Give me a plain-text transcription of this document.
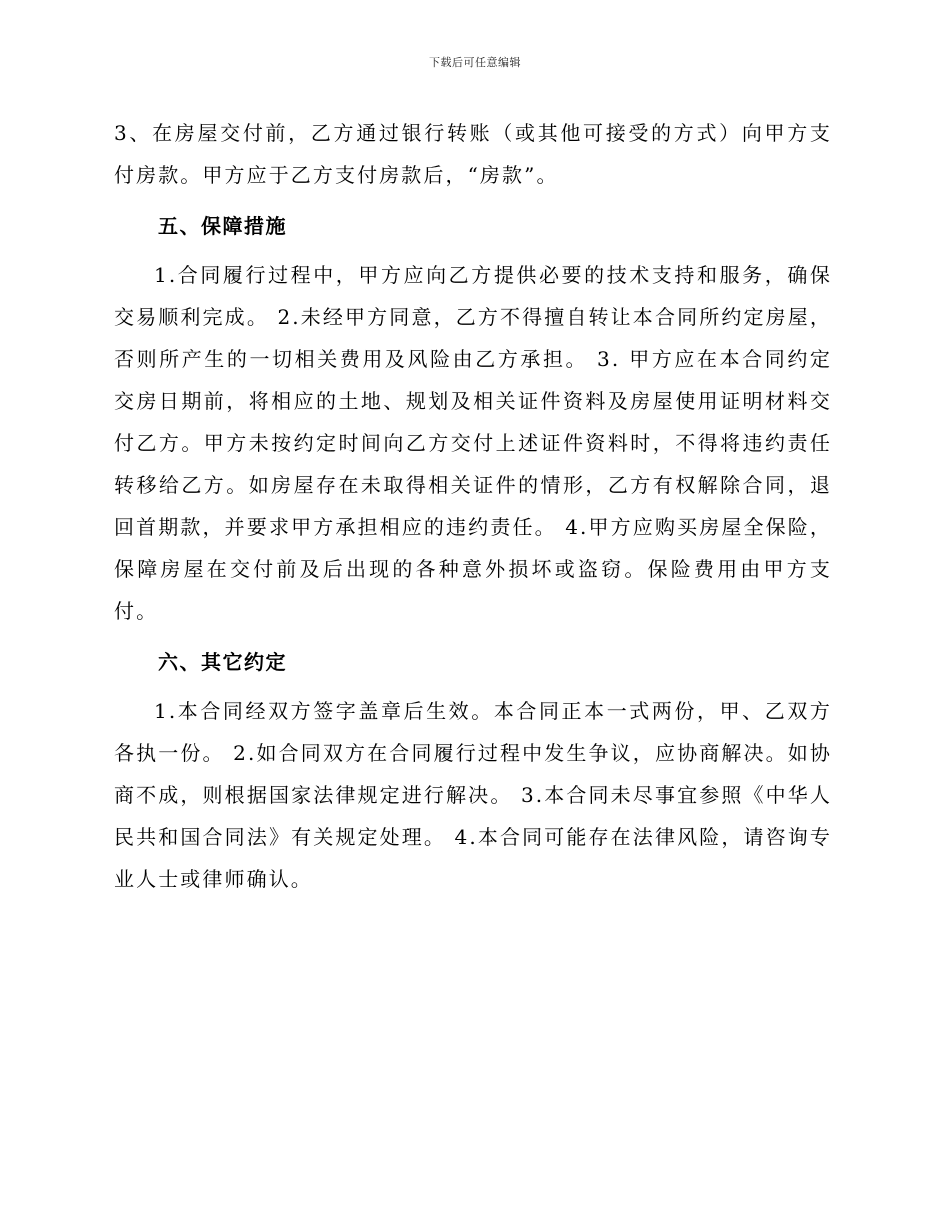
下载后可任意编辑

3、在房屋交付前，乙方通过银行转账（或其他可接受的方式）向甲方支付房款。甲方应于乙方支付房款后，“房款”。

五、保障措施

1.合同履行过程中，甲方应向乙方提供必要的技术支持和服务，确保交易顺利完成。 2.未经甲方同意，乙方不得擅自转让本合同所约定房屋，否则所产生的一切相关费用及风险由乙方承担。 3. 甲方应在本合同约定交房日期前，将相应的土地、规划及相关证件资料及房屋使用证明材料交付乙方。甲方未按约定时间向乙方交付上述证件资料时，不得将违约责任转移给乙方。如房屋存在未取得相关证件的情形，乙方有权解除合同，退回首期款，并要求甲方承担相应的违约责任。 4.甲方应购买房屋全保险，保障房屋在交付前及后出现的各种意外损坏或盗窃。保险费用由甲方支付。

六、其它约定

1.本合同经双方签字盖章后生效。本合同正本一式两份，甲、乙双方各执一份。 2.如合同双方在合同履行过程中发生争议，应协商解决。如协商不成，则根据国家法律规定进行解决。 3.本合同未尽事宜参照《中华人民共和国合同法》有关规定处理。 4.本合同可能存在法律风险，请咨询专业人士或律师确认。
